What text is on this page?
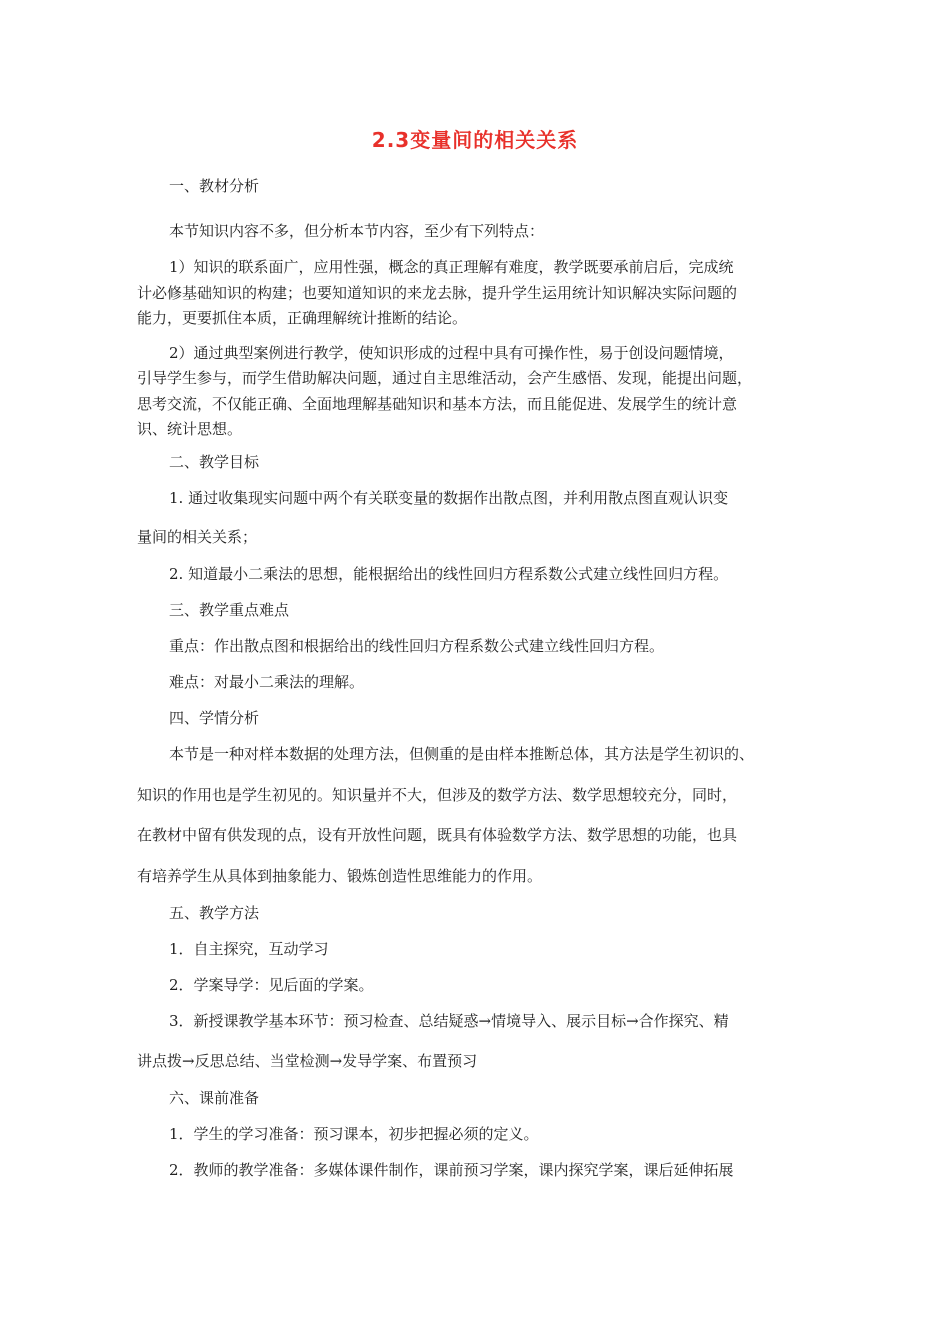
2.3变量间的相关关系
一、教材分析
本节知识内容不多，但分析本节内容，至少有下列特点：
1）知识的联系面广，应用性强，概念的真正理解有难度，教学既要承前启后，完成统
计必修基础知识的构建；也要知道知识的来龙去脉，提升学生运用统计知识解决实际问题的
能力，更要抓住本质，正确理解统计推断的结论。
2）通过典型案例进行教学，使知识形成的过程中具有可操作性，易于创设问题情境，
引导学生参与，而学生借助解决问题，通过自主思维活动，会产生感悟、发现，能提出问题，
思考交流，不仅能正确、全面地理解基础知识和基本方法，而且能促进、发展学生的统计意
识、统计思想。
二、教学目标
1. 通过收集现实问题中两个有关联变量的数据作出散点图，并利用散点图直观认识变
量间的相关关系；
2. 知道最小二乘法的思想，能根据给出的线性回归方程系数公式建立线性回归方程。
三、教学重点难点
重点：作出散点图和根据给出的线性回归方程系数公式建立线性回归方程。
难点：对最小二乘法的理解。
四、学情分析
本节是一种对样本数据的处理方法，但侧重的是由样本推断总体，其方法是学生初识的、
知识的作用也是学生初见的。知识量并不大，但涉及的数学方法、数学思想较充分，同时，
在教材中留有供发现的点，设有开放性问题，既具有体验数学方法、数学思想的功能，也具
有培养学生从具体到抽象能力、锻炼创造性思维能力的作用。
五、教学方法
1．自主探究，互动学习
2．学案导学：见后面的学案。
3．新授课教学基本环节：预习检查、总结疑惑→情境导入、展示目标→合作探究、精
讲点拨→反思总结、当堂检测→发导学案、布置预习
六、课前准备
1．学生的学习准备：预习课本，初步把握必须的定义。
2．教师的教学准备：多媒体课件制作，课前预习学案，课内探究学案，课后延伸拓展
